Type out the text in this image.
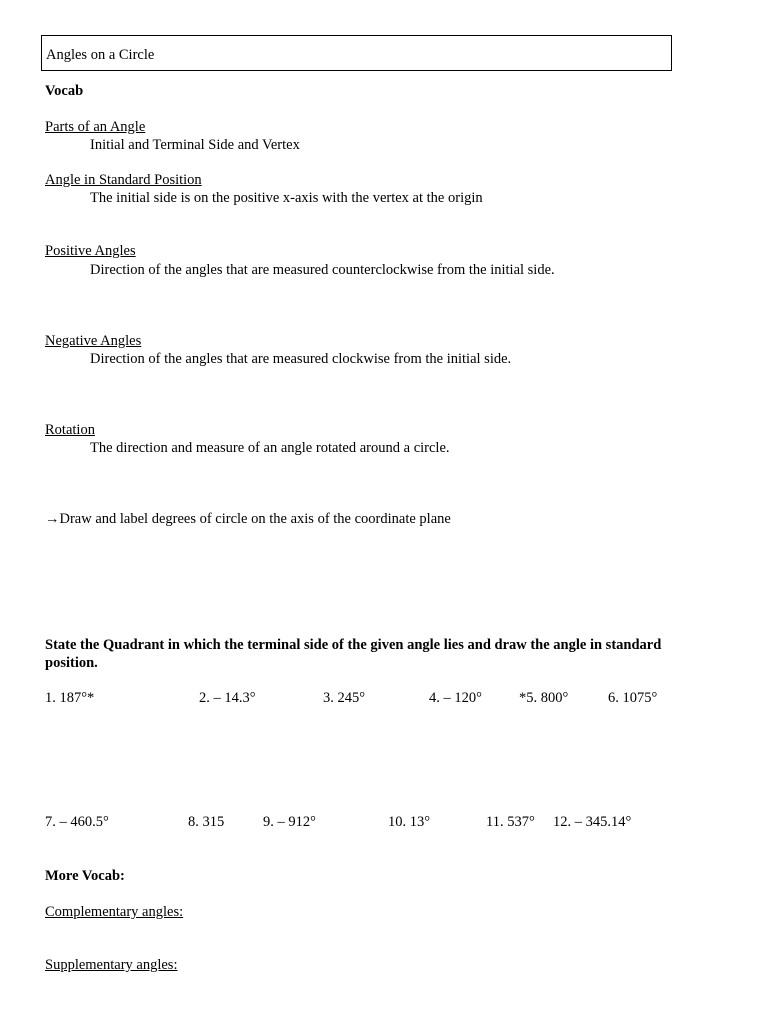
Angles on a Circle
Vocab
Parts of an Angle
Initial and Terminal Side and Vertex
Angle in Standard Position
The initial side is on the positive x-axis with the vertex at the origin
Positive Angles
Direction of the angles that are measured counterclockwise from the initial side.
Negative Angles
Direction of the angles that are measured clockwise from the initial side.
Rotation
The direction and measure of an angle rotated around a circle.
→Draw and label degrees of circle on the axis of the coordinate plane
State the Quadrant in which the terminal side of the given angle lies and draw the angle in standard
position.
1. 187°*	2. – 14.3°	3. 245°	4. – 120°	*5. 800°	6. 1075°
7. – 460.5°	8. 315	9. – 912°	10. 13°	11. 537° 12. – 345.14°
More Vocab:
Complementary angles:
Supplementary angles:
